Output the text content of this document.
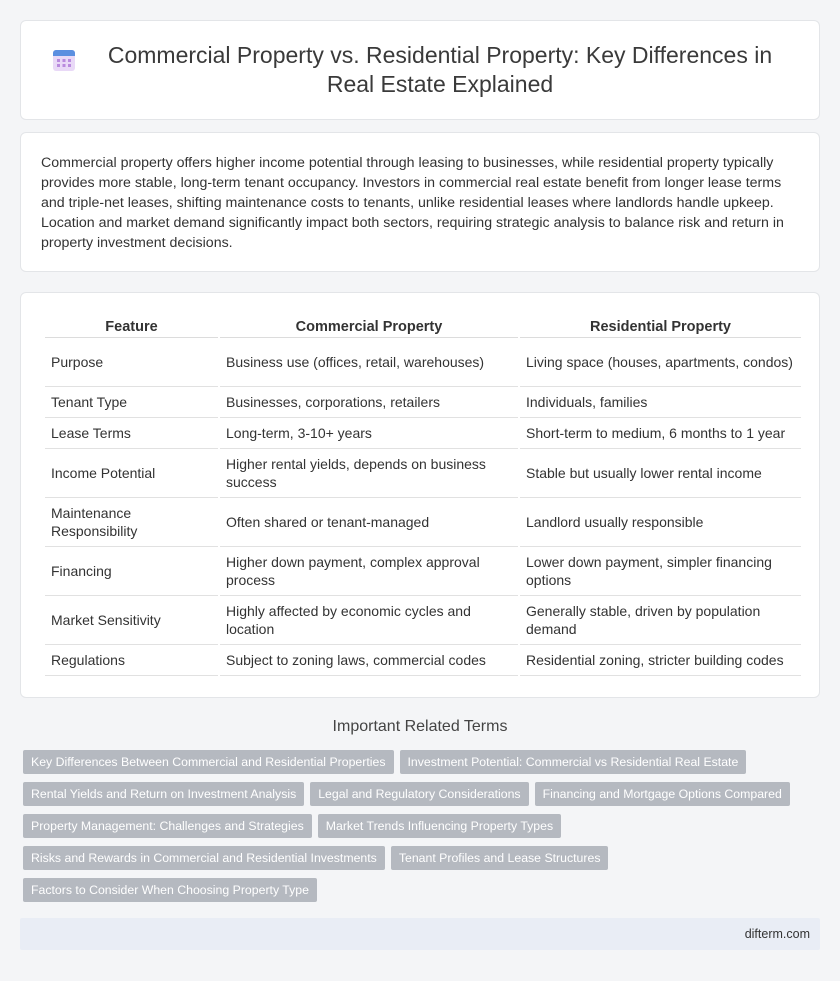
Commercial Property vs. Residential Property: Key Differences in Real Estate Explained

Commercial property offers higher income potential through leasing to businesses, while residential property typically provides more stable, long-term tenant occupancy. Investors in commercial real estate benefit from longer lease terms and triple-net leases, shifting maintenance costs to tenants, unlike residential leases where landlords handle upkeep. Location and market demand significantly impact both sectors, requiring strategic analysis to balance risk and return in property investment decisions.

Feature	Commercial Property	Residential Property
Purpose	Business use (offices, retail, warehouses)	Living space (houses, apartments, condos)
Tenant Type	Businesses, corporations, retailers	Individuals, families
Lease Terms	Long-term, 3-10+ years	Short-term to medium, 6 months to 1 year
Income Potential	Higher rental yields, depends on business success	Stable but usually lower rental income
Maintenance Responsibility	Often shared or tenant-managed	Landlord usually responsible
Financing	Higher down payment, complex approval process	Lower down payment, simpler financing options
Market Sensitivity	Highly affected by economic cycles and location	Generally stable, driven by population demand
Regulations	Subject to zoning laws, commercial codes	Residential zoning, stricter building codes
Important Related Terms
Key Differences Between Commercial and Residential Properties	Investment Potential: Commercial vs Residential Real Estate
Rental Yields and Return on Investment Analysis	Legal and Regulatory Considerations	Financing and Mortgage Options Compared
Property Management: Challenges and Strategies	Market Trends Influencing Property Types
Risks and Rewards in Commercial and Residential Investments	Tenant Profiles and Lease Structures
Factors to Consider When Choosing Property Type
difterm.com
